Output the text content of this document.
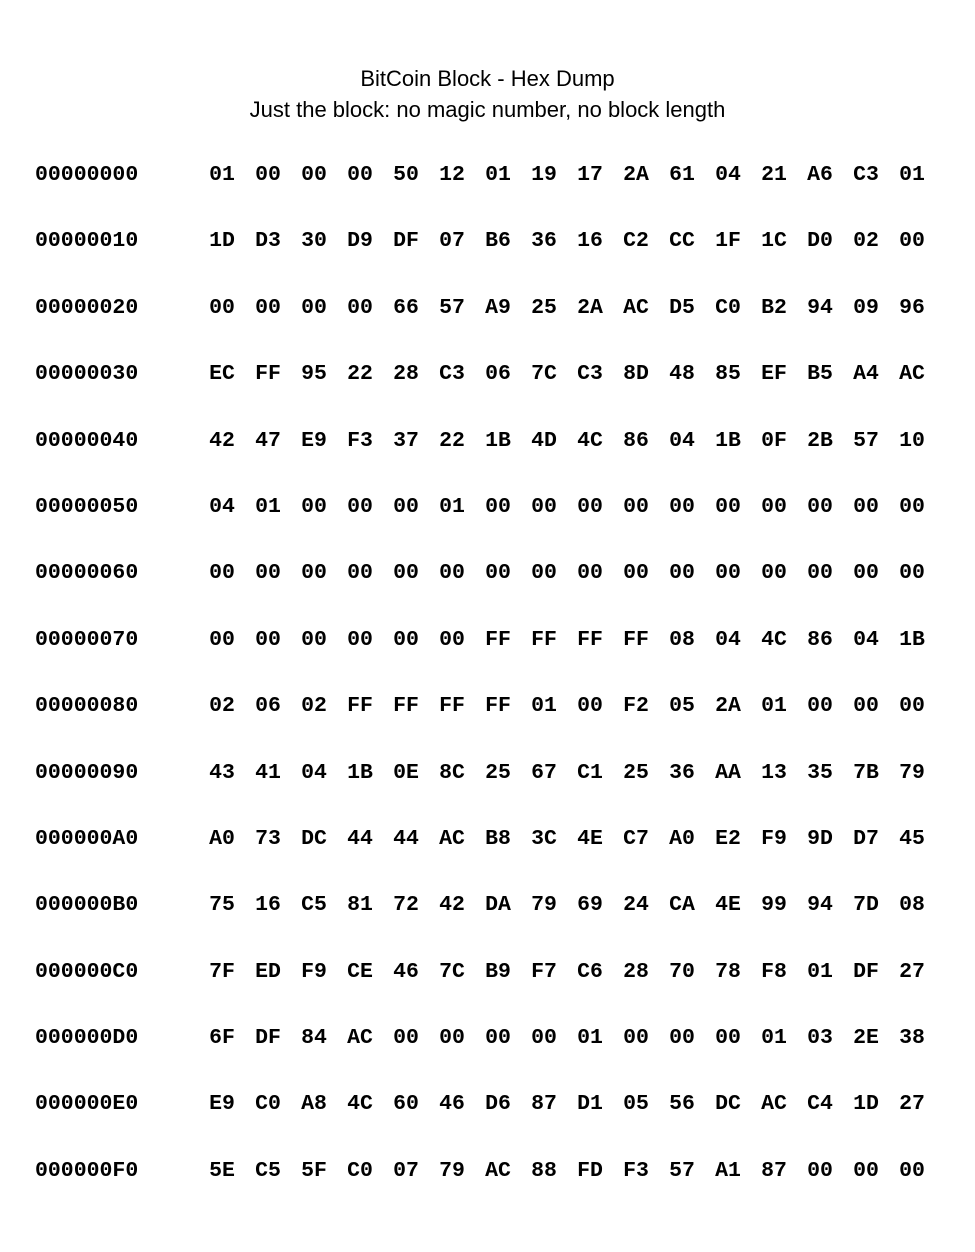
BitCoin Block - Hex Dump
Just the block: no magic number, no block length
00000000	01 00 00 00 50 12 01 19 17 2A 61 04 21 A6 C3 01
00000010	1D D3 30 D9 DF 07 B6 36 16 C2 CC 1F 1C D0 02 00
00000020	00 00 00 00 66 57 A9 25 2A AC D5 C0 B2 94 09 96
00000030	EC FF 95 22 28 C3 06 7C C3 8D 48 85 EF B5 A4 AC
00000040	42 47 E9 F3 37 22 1B 4D 4C 86 04 1B 0F 2B 57 10
00000050	04 01 00 00 00 01 00 00 00 00 00 00 00 00 00 00
00000060	00 00 00 00 00 00 00 00 00 00 00 00 00 00 00 00
00000070	00 00 00 00 00 00 FF FF FF FF 08 04 4C 86 04 1B
00000080	02 06 02 FF FF FF FF 01 00 F2 05 2A 01 00 00 00
00000090	43 41 04 1B 0E 8C 25 67 C1 25 36 AA 13 35 7B 79
000000A0	A0 73 DC 44 44 AC B8 3C 4E C7 A0 E2 F9 9D D7 45
000000B0	75 16 C5 81 72 42 DA 79 69 24 CA 4E 99 94 7D 08
000000C0	7F ED F9 CE 46 7C B9 F7 C6 28 70 78 F8 01 DF 27
000000D0	6F DF 84 AC 00 00 00 00 01 00 00 00 01 03 2E 38
000000E0	E9 C0 A8 4C 60 46 D6 87 D1 05 56 DC AC C4 1D 27
000000F0	5E C5 5F C0 07 79 AC 88 FD F3 57 A1 87 00 00 00
